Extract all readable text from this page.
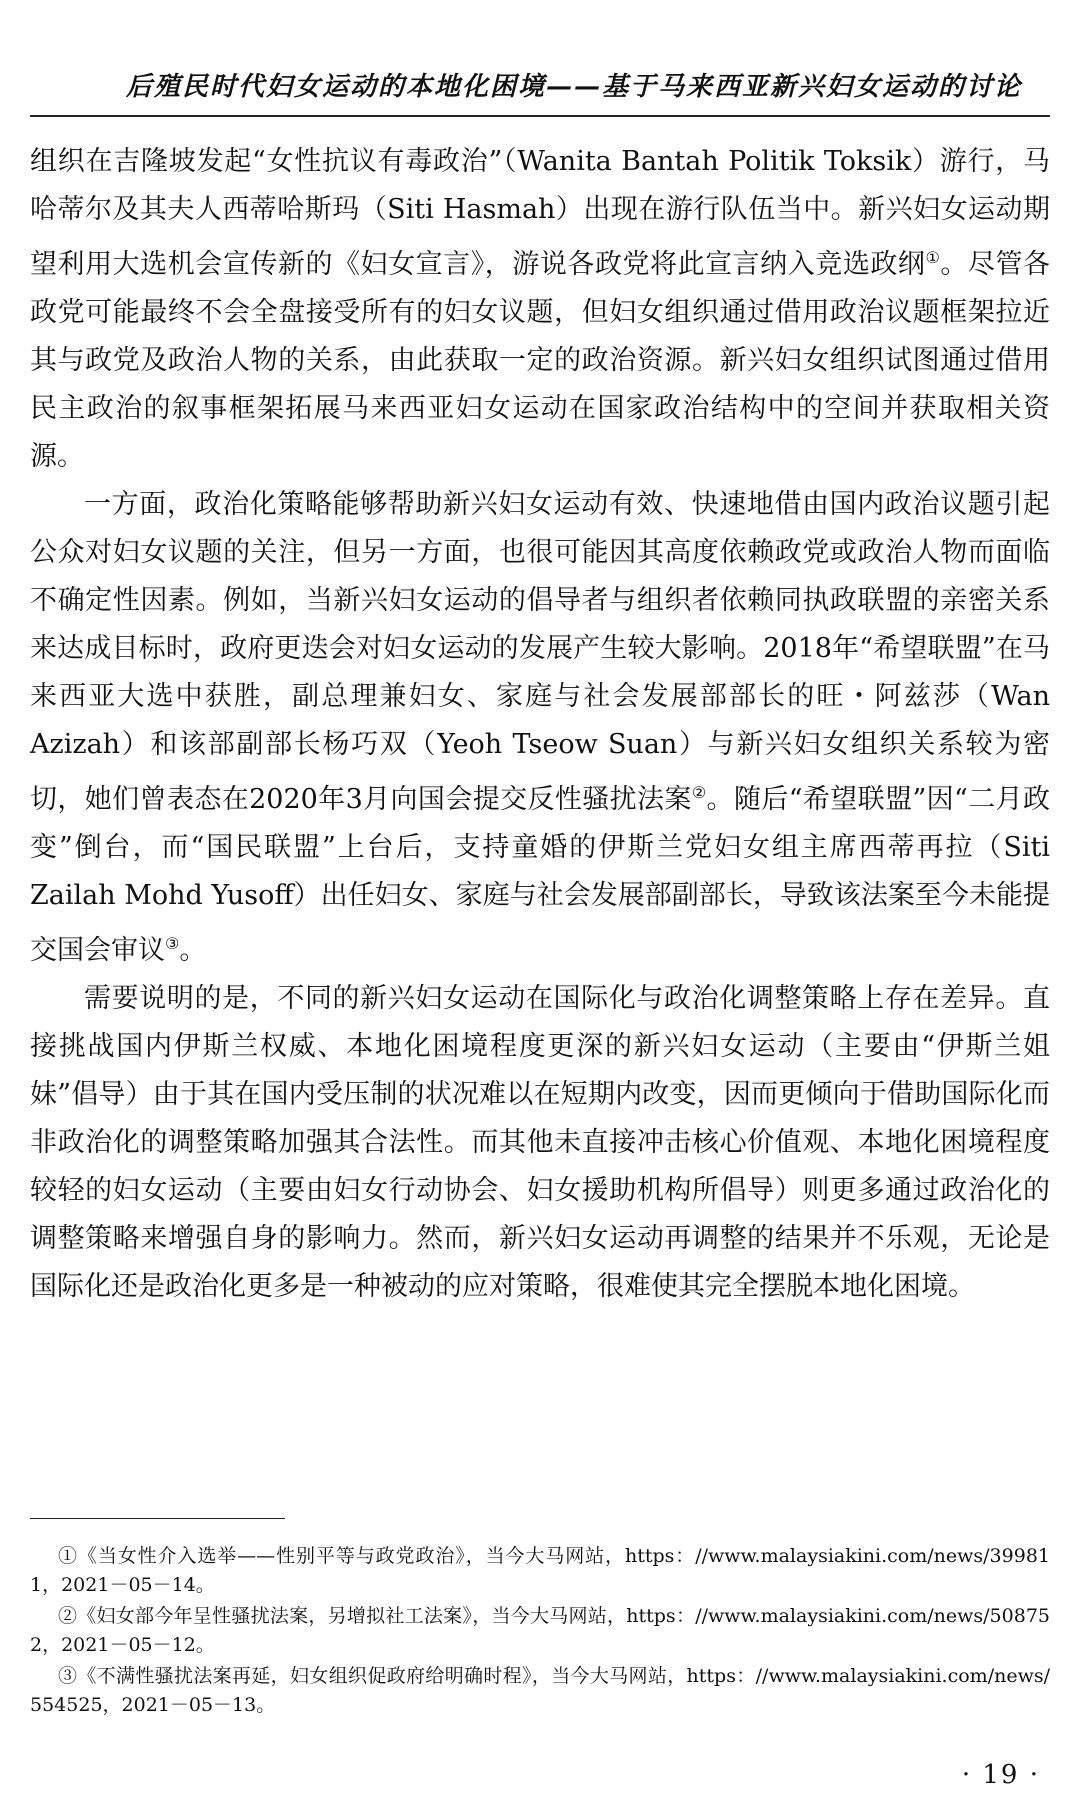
后殖民时代妇女运动的本地化困境——基于马来西亚新兴妇女运动的讨论

组织在吉隆坡发起“女性抗议有毒政治”（Wanita Bantah Politik Toksik）游行，马哈蒂尔及其夫人西蒂哈斯玛（Siti Hasmah）出现在游行队伍当中。新兴妇女运动期望利用大选机会宣传新的《妇女宣言》，游说各政党将此宣言纳入竞选政纲①。尽管各政党可能最终不会全盘接受所有的妇女议题，但妇女组织通过借用政治议题框架拉近其与政党及政治人物的关系，由此获取一定的政治资源。新兴妇女组织试图通过借用民主政治的叙事框架拓展马来西亚妇女运动在国家政治结构中的空间并获取相关资源。

一方面，政治化策略能够帮助新兴妇女运动有效、快速地借由国内政治议题引起公众对妇女议题的关注，但另一方面，也很可能因其高度依赖政党或政治人物而面临不确定性因素。例如，当新兴妇女运动的倡导者与组织者依赖同执政联盟的亲密关系来达成目标时，政府更迭会对妇女运动的发展产生较大影响。2018年“希望联盟”在马来西亚大选中获胜，副总理兼妇女、家庭与社会发展部部长的旺・阿兹莎（Wan Azizah）和该部副部长杨巧双（Yeoh Tseow Suan）与新兴妇女组织关系较为密切，她们曾表态在2020年3月向国会提交反性骚扰法案②。随后“希望联盟”因“二月政变”倒台，而“国民联盟”上台后，支持童婚的伊斯兰党妇女组主席西蒂再拉（Siti Zailah Mohd Yusoff）出任妇女、家庭与社会发展部副部长，导致该法案至今未能提交国会审议③。

需要说明的是，不同的新兴妇女运动在国际化与政治化调整策略上存在差异。直接挑战国内伊斯兰权威、本地化困境程度更深的新兴妇女运动（主要由“伊斯兰姐妹”倡导）由于其在国内受压制的状况难以在短期内改变，因而更倾向于借助国际化而非政治化的调整策略加强其合法性。而其他未直接冲击核心价值观、本地化困境程度较轻的妇女运动（主要由妇女行动协会、妇女援助机构所倡导）则更多通过政治化的调整策略来增强自身的影响力。然而，新兴妇女运动再调整的结果并不乐观，无论是国际化还是政治化更多是一种被动的应对策略，很难使其完全摆脱本地化困境。

①《当女性介入选举——性别平等与政党政治》，当今大马网站，https：//www.malaysiakini.com/news/399811，2021－05－14。

②《妇女部今年呈性骚扰法案，另增拟社工法案》，当今大马网站，https：//www.malaysiakini.com/news/508752，2021－05－12。

③《不满性骚扰法案再延，妇女组织促政府给明确时程》，当今大马网站，https：//www.malaysiakini.com/news/554525，2021－05－13。

· 19 ·
